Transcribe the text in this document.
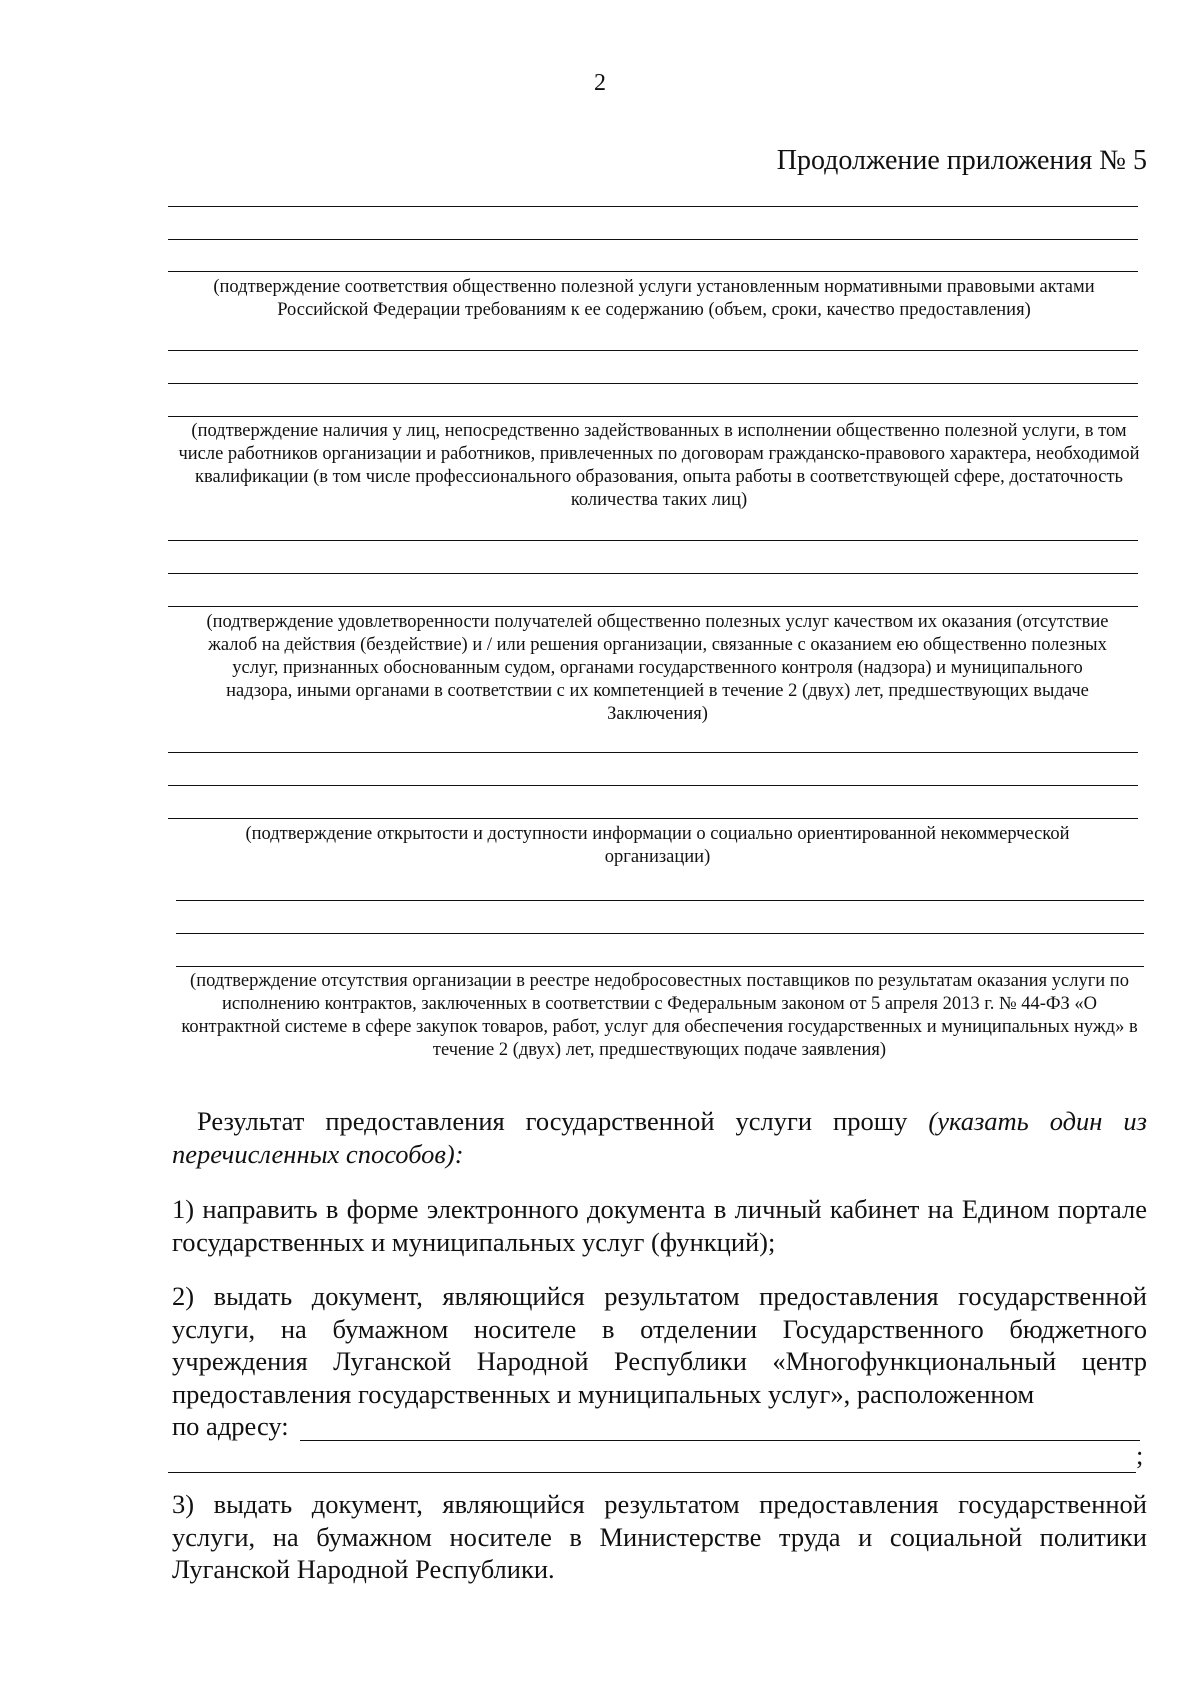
2
Продолжение приложения № 5
(подтверждение соответствия общественно полезной услуги установленным нормативными правовыми актами Российской Федерации требованиям к ее содержанию (объем, сроки, качество предоставления)
(подтверждение наличия у лиц, непосредственно задействованных в исполнении общественно полезной услуги, в том числе работников организации и работников, привлеченных по договорам гражданско-правового характера, необходимой квалификации (в том числе профессионального образования, опыта работы в соответствующей сфере, достаточность количества таких лиц)
(подтверждение удовлетворенности получателей общественно полезных услуг качеством их оказания (отсутствие жалоб на действия (бездействие) и / или решения организации, связанные с оказанием ею общественно полезных услуг, признанных обоснованным судом, органами государственного контроля (надзора) и муниципального надзора, иными органами в соответствии с их компетенцией в течение 2 (двух) лет, предшествующих выдаче Заключения)
(подтверждение открытости и доступности информации о социально ориентированной некоммерческой организации)
(подтверждение отсутствия организации в реестре недобросовестных поставщиков по результатам оказания услуги по исполнению контрактов, заключенных в соответствии с Федеральным законом от 5 апреля 2013 г. № 44-ФЗ «О контрактной системе в сфере закупок товаров, работ, услуг для обеспечения государственных и муниципальных нужд» в течение 2 (двух) лет, предшествующих подаче заявления)
Результат предоставления государственной услуги прошу (указать один из перечисленных способов):
1) направить в форме электронного документа в личный кабинет на Едином портале государственных и муниципальных услуг (функций);
2) выдать документ, являющийся результатом предоставления государственной услуги, на бумажном носителе в отделении Государственного бюджетного учреждения Луганской Народной Республики «Многофункциональный центр предоставления государственных и муниципальных услуг», расположенном
по адресу:
;
3) выдать документ, являющийся результатом предоставления государственной услуги, на бумажном носителе в Министерстве труда и социальной политики Луганской Народной Республики.
